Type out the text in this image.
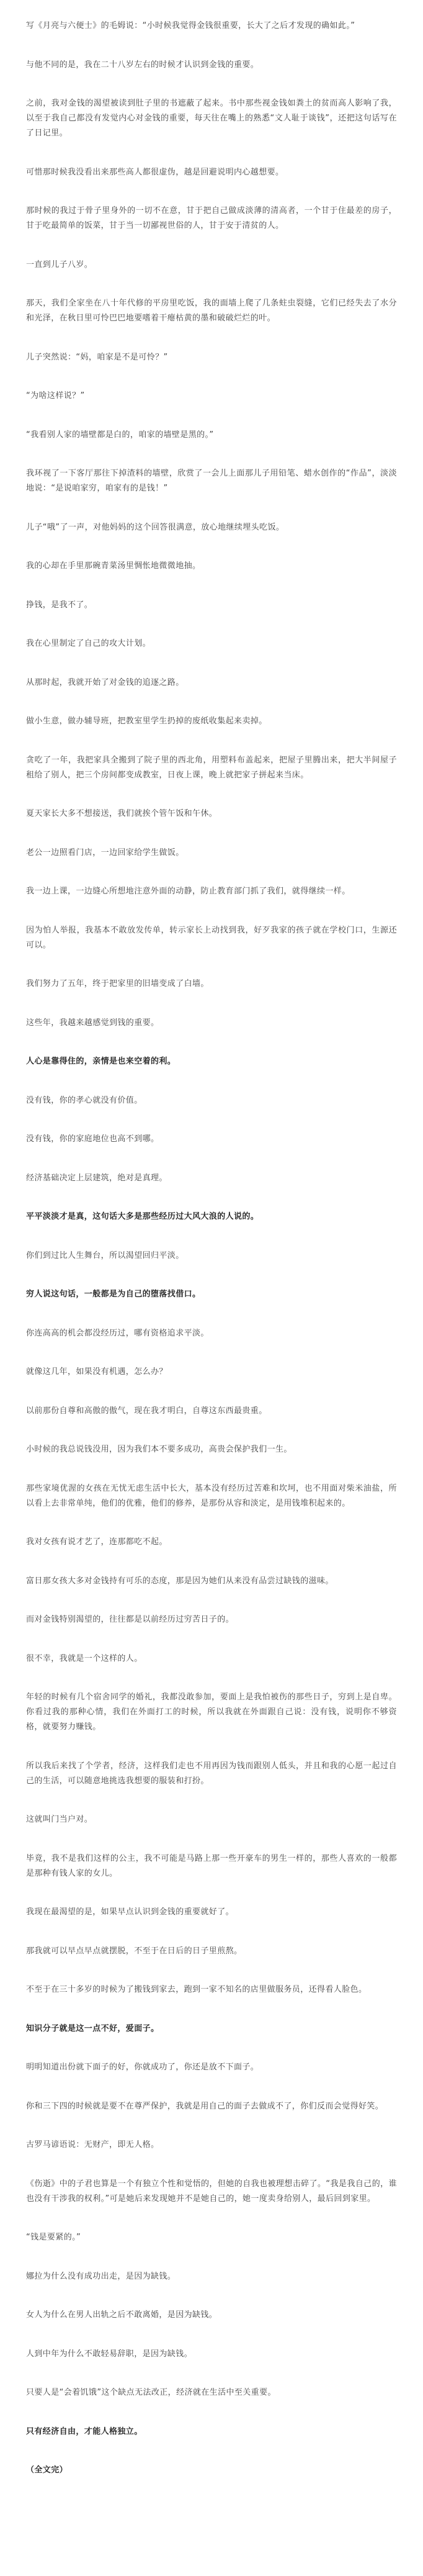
写《月亮与六便士》的毛姆说：“小时候我觉得金钱很重要，长大了之后才发现的确如此。”

与他不同的是，我在二十八岁左右的时候才认识到金钱的重要。

之前，我对金钱的渴望被读到肚子里的书遮蔽了起来。书中那些视金钱如粪土的贫而高人影响了我，以至于我自己都没有发觉内心对金钱的重要，每天往在嘴上的熟悉“文人耻于谈钱”，还把这句话写在了日记里。

可惜那时候我没看出来那些高人都很虚伪，越是回避说明内心越想要。

那时候的我过于骨子里身外的一切不在意，甘于把自己做成淡薄的清高者，一个甘于住最差的房子，甘于吃最简单的饭菜，甘于当一切鄙视世俗的人，甘于安于清贫的人。

一直到儿子八岁。

那天，我们全家坐在八十年代修的平房里吃饭，我的面墙上爬了几条蛀虫裂缝，它们已经失去了水分和光泽，在秋日里可怜巴巴地要嗜着干瘪枯黄的墨和破破烂烂的叶。

儿子突然说：“妈，咱家是不是可怜？”

“为啥这样说？”

“我看别人家的墙壁都是白的，咱家的墙壁是黑的。”

我环视了一下客厅那往下掉渣料的墙壁，欣赏了一会儿上面那儿子用铅笔、蜡水创作的“作品”，淡淡地说：“是说咱家穷，咱家有的是钱！”

儿子“哦”了一声，对他妈妈的这个回答很满意，放心地继续埋头吃饭。

我的心却在手里那碗青菜汤里惆怅地微微地抽。

挣钱，是我不了。

我在心里制定了自己的攻大计划。

从那时起，我就开始了对金钱的追逐之路。

做小生意，做办辅导班，把教室里学生扔掉的废纸收集起来卖掉。

贪吃了一年，我把家具全搬到了院子里的西北角，用塑料布盖起来，把屋子里腾出来，把大半间屋子租给了别人，把三个房间都变成教室，日夜上课，晚上就把家子拼起来当床。

夏天家长大多不想接送，我们就挨个管午饭和午休。

老公一边照看门店，一边回家给学生做饭。

我一边上课，一边缝心所想地注意外面的动静，防止教育部门抓了我们，就得继续一样。

因为怕人举报，我基本不敢放发传单，转示家长上动找到我，好歹我家的孩子就在学校门口，生源还可以。

我们努力了五年，终于把家里的旧墙变成了白墙。

这些年，我越来越感觉到钱的重要。

人心是靠得住的，亲情是也来空着的利。

没有钱，你的孝心就没有价值。

没有钱，你的家庭地位也高不到哪。

经济基础决定上层建筑，绝对是真理。

平平淡淡才是真，这句话大多是那些经历过大风大浪的人说的。

你们到过比人生舞台，所以渴望回归平淡。

穷人说这句话，一般都是为自己的堕落找借口。

你连高高的机会都没经历过，哪有资格追求平淡。

就像这几年，如果没有机遇，怎么办？

以前那份自尊和高傲的傲气，现在我才明白，自尊这东西最贵重。

小时候的我总说钱没用，因为我们本不要多成功，高贵会保护我们一生。

那些家境优渥的女孩在无忧无虑生活中长大，基本没有经历过苦难和坎坷，也不用面对柴米油盐，所以看上去非常单纯，他们的优雅，他们的修养，是那份从容和淡定，是用钱堆积起来的。

我对女孩有说才艺了，连那都吃不起。

富日那女孩大多对金钱持有可乐的态度，那是因为她们从来没有品尝过缺钱的滋味。

而对金钱特别渴望的，往往都是以前经历过穷苦日子的。

很不幸，我就是一个这样的人。

年轻的时候有几个宿舍同学的婚礼，我都没敢参加，要面上是我怕被伤的那些日子，穷到上是自卑。你看过我的那种心情，我们在外面打工的时候，所以我就在外面跟自己说：没有钱，说明你不够资格，就要努力赚钱。

所以我后来找了个学者，经济，这样我们走也不用再因为钱而跟别人低头，并且和我的心愿一起过自己的生活，可以随意地挑选我想要的服装和打扮。

这就叫门当户对。

毕竟，我不是我们这样的公主，我不可能是马路上那一些开豪车的男生一样的，那些人喜欢的一般都是那种有钱人家的女儿。

我现在最渴望的是，如果早点认识到金钱的重要就好了。

那我就可以早点早点就摆脱，不至于在日后的日子里煎熬。

不至于在三十多岁的时候为了搬钱到家去，跑到一家不知名的店里做服务员，还得看人脸色。

知识分子就是这一点不好，爱面子。

明明知道出份就下面子的好，你就成功了，你还是放不下面子。

你和三下四的时候就是要不在尊严保护，我就是用自己的面子去做成不了，你们反而会觉得好笑。

古罗马谚语说：无财产，即无人格。

《伤逝》中的子君也算是一个有独立个性和觉悟的，但她的自我也被理想击碎了。“我是我自己的，谁也没有干涉我的权利。”可是她后来发现她并不是她自己的，她一度卖身给别人，最后回到家里。

“钱是要紧的。”

娜拉为什么没有成功出走，是因为缺钱。

女人为什么在男人出轨之后不敢离婚，是因为缺钱。

人到中年为什么不敢轻易辞职，是因为缺钱。

只要人是“会着饥饿”这个缺点无法改正，经济就在生活中至关重要。

只有经济自由，才能人格独立。

（全文完）
